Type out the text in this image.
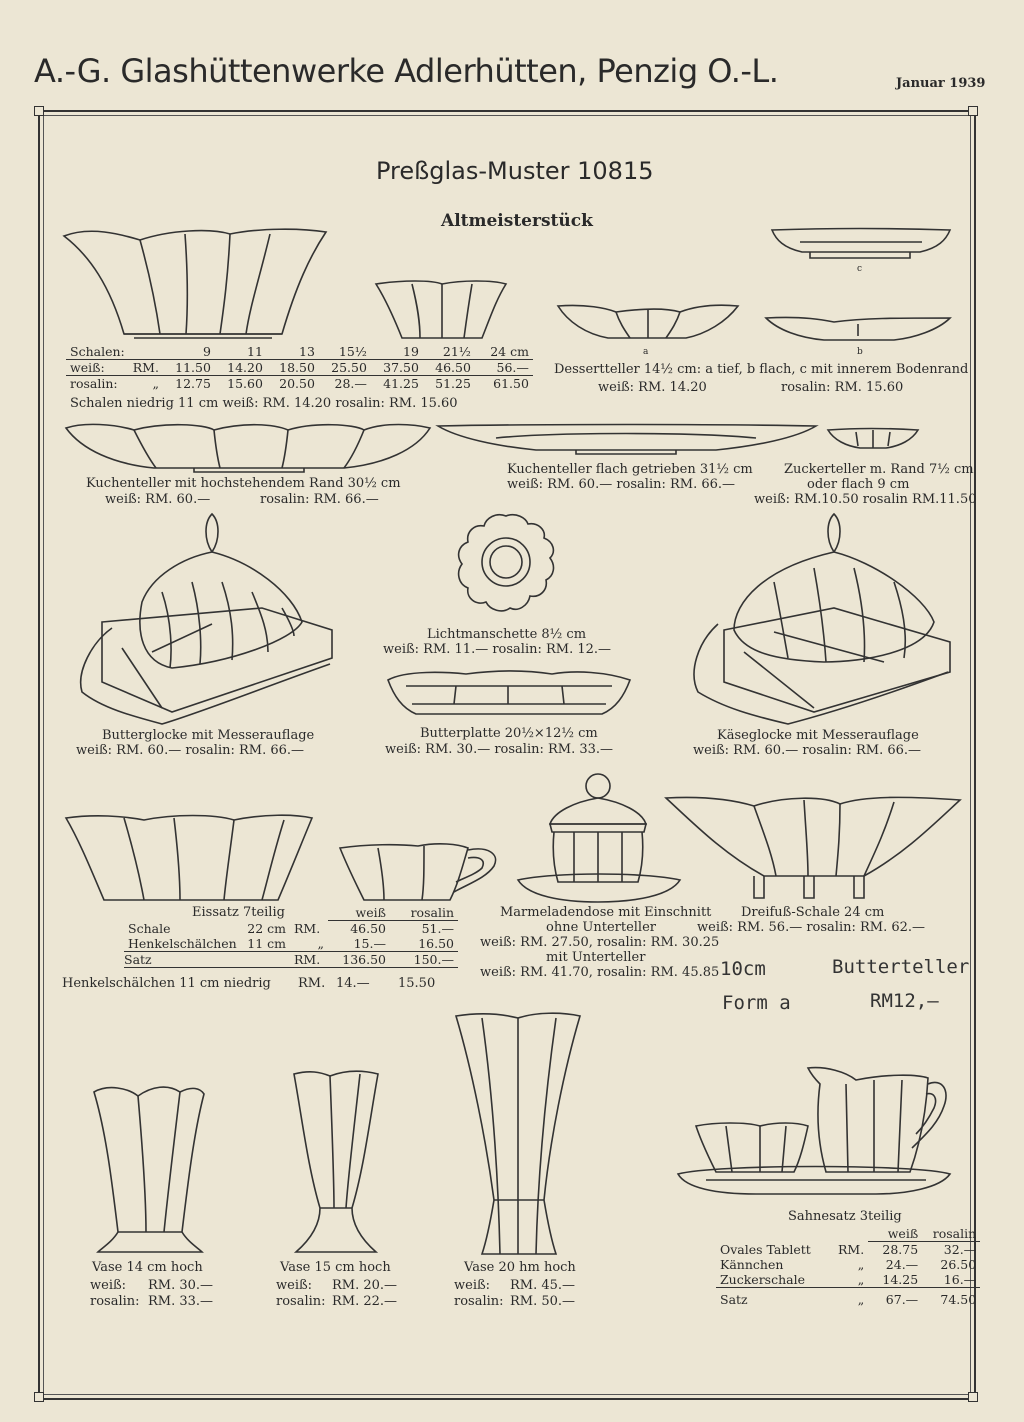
A.-G. Glashüttenwerke Adlerhütten, Penzig O.-L.	Januar 1939
Preßglas-Muster 10815
Altmeisterstück
Schalen:		9	11	13	15½	19	21½	24 cm
weiß:	RM.	11.50	14.20	18.50	25.50	37.50	46.50	56.—
rosalin:	„	12.75	15.60	20.50	28.—	41.25	51.25	61.50
Schalen niedrig 11 cm weiß: RM. 14.20 rosalin: RM. 15.60
c
a	b
Dessertteller 14½ cm: a tief, b flach, c mit innerem Bodenrand
weiß: RM. 14.20	rosalin: RM. 15.60
Kuchenteller mit hochstehendem Rand 30½ cm
weiß: RM. 60.—	rosalin: RM. 66.—
Kuchenteller flach getrieben 31½ cm
weiß: RM. 60.— rosalin: RM. 66.—
Zuckerteller m. Rand 7½ cm
oder flach 9 cm
weiß: RM.10.50 rosalin RM.11.50
Butterglocke mit Messerauflage
weiß: RM. 60.— rosalin: RM. 66.—
Lichtmanschette 8½ cm
weiß: RM. 11.— rosalin: RM. 12.—
Butterplatte 20½×12½ cm
weiß: RM. 30.— rosalin: RM. 33.—
Käseglocke mit Messerauflage
weiß: RM. 60.— rosalin: RM. 66.—
Eissatz 7teilig
				weiß	rosalin
Schale	22 cm	RM.	46.50	51.—
Henkelschälchen	11 cm	„	15.—	16.50
Satz		RM.	136.50	150.—
Henkelschälchen 11 cm niedrig RM. 14.— 15.50
Marmeladendose mit Einschnitt
ohne Unterteller
weiß: RM. 27.50, rosalin: RM. 30.25
mit Unterteller
weiß: RM. 41.70, rosalin: RM. 45.85
Dreifuß-Schale 24 cm
weiß: RM. 56.— rosalin: RM. 62.—
10cm	Butterteller
Form a	RM12,—
Vase 14 cm hoch
weiß: RM. 30.—
rosalin: RM. 33.—
Vase 15 cm hoch
weiß: RM. 20.—
rosalin: RM. 22.—
Vase 20 hm hoch
weiß: RM. 45.—
rosalin: RM. 50.—
Sahnesatz 3teilig
		weiß	rosalin
Ovales Tablett	RM.	28.75	32.—
Kännchen	„	24.—	26.50
Zuckerschale	„	14.25	16.—
Satz	„	67.—	74.50
